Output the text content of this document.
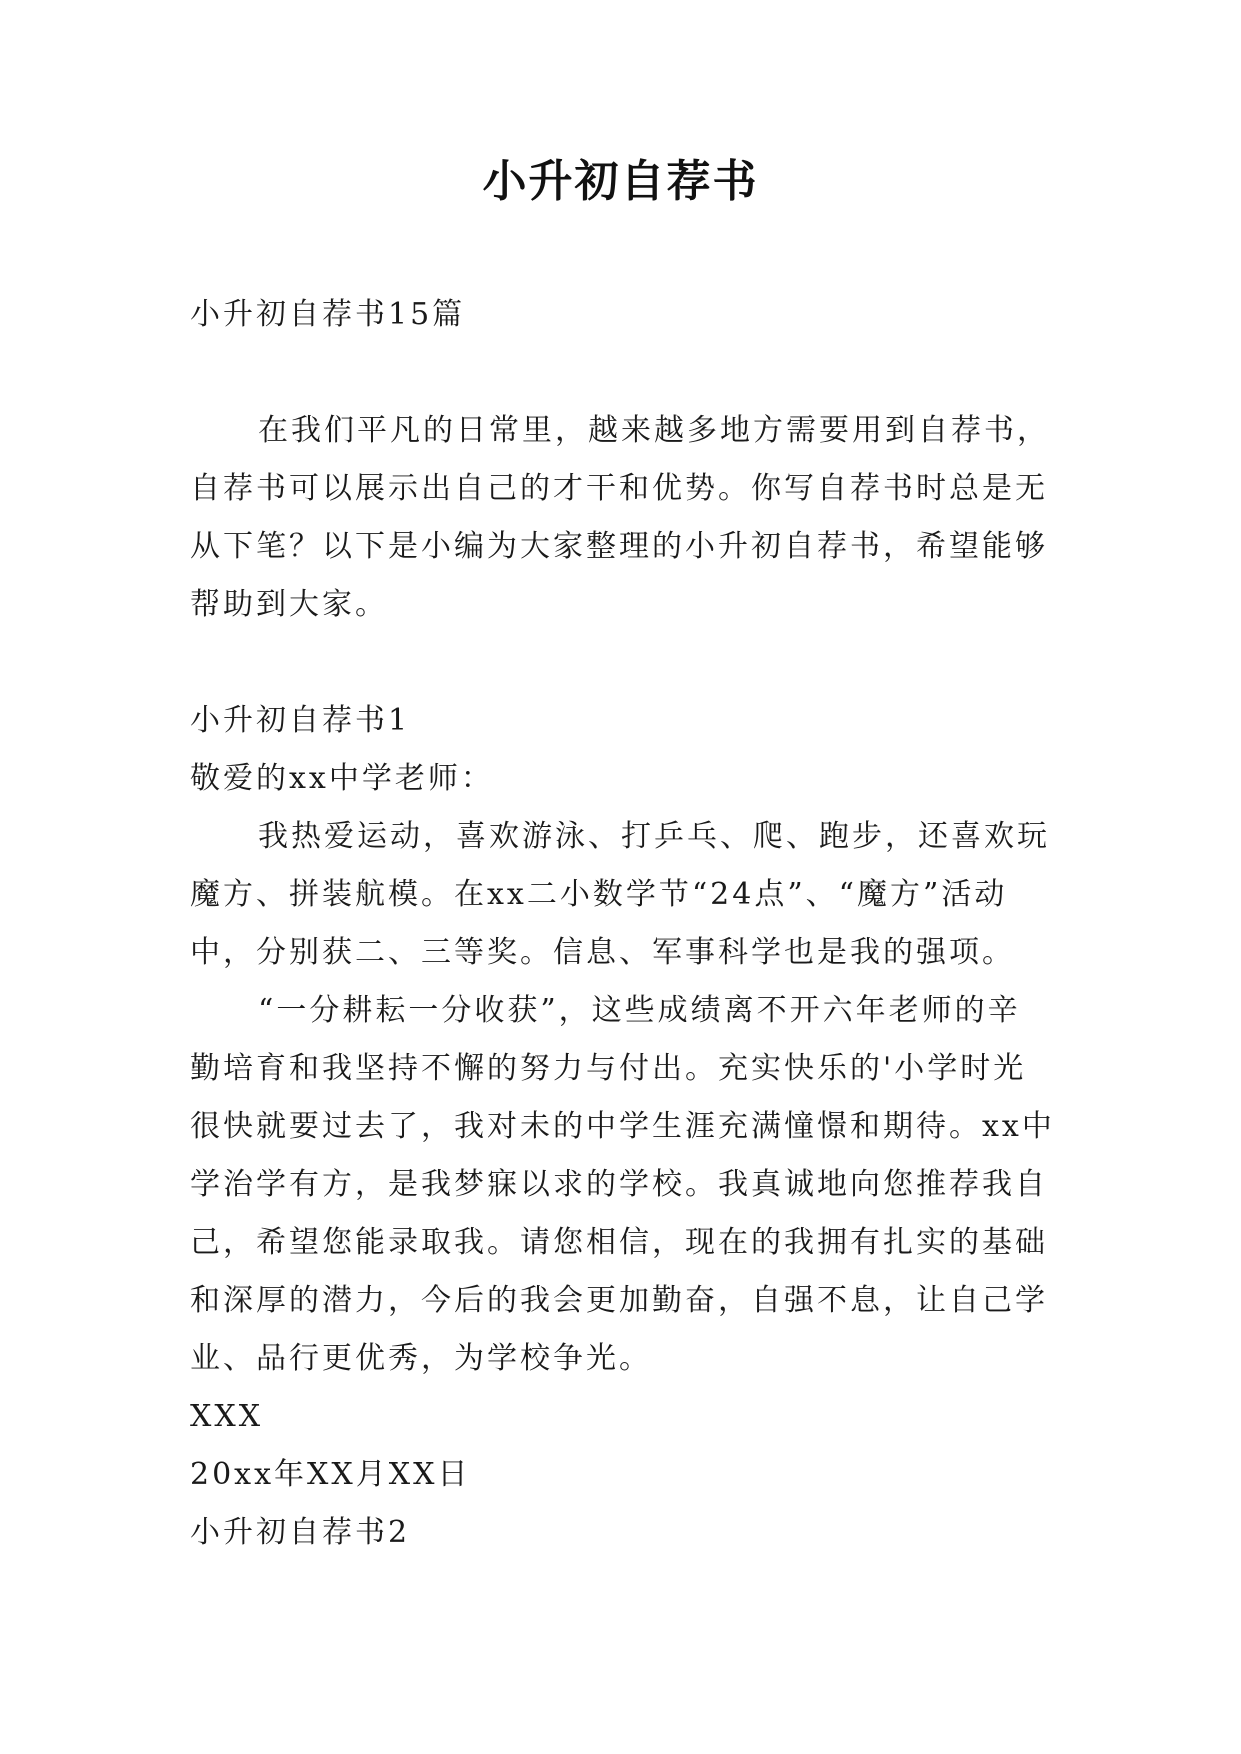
小升初自荐书
小升初自荐书15篇
在我们平凡的日常里，越来越多地方需要用到自荐书，
自荐书可以展示出自己的才干和优势。你写自荐书时总是无
从下笔？以下是小编为大家整理的小升初自荐书，希望能够
帮助到大家。
小升初自荐书1
敬爱的xx中学老师：
我热爱运动，喜欢游泳、打乒乓、爬、跑步，还喜欢玩
魔方、拼装航模。在xx二小数学节“24点”、“魔方”活动
中，分别获二、三等奖。信息、军事科学也是我的强项。
“一分耕耘一分收获”，这些成绩离不开六年老师的辛
勤培育和我坚持不懈的努力与付出。充实快乐的'小学时光
很快就要过去了，我对未的中学生涯充满憧憬和期待。xx中
学治学有方，是我梦寐以求的学校。我真诚地向您推荐我自
己，希望您能录取我。请您相信，现在的我拥有扎实的基础
和深厚的潜力，今后的我会更加勤奋，自强不息，让自己学
业、品行更优秀，为学校争光。
XXX
20xx年XX月XX日
小升初自荐书2
